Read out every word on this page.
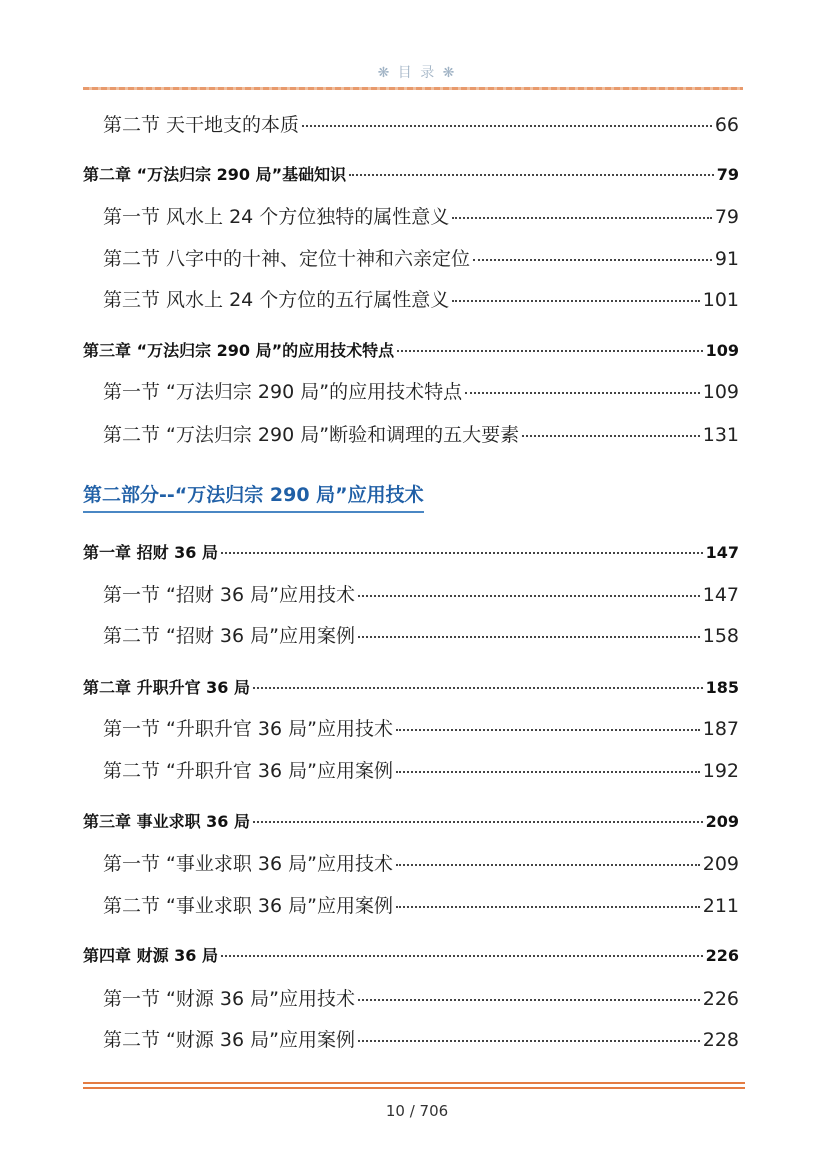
❋ 目 录 ❋
第二节 天干地支的本质	66
第二章 “万法归宗 290 局”基础知识	79
第一节 风水上 24 个方位独特的属性意义	79
第二节 八字中的十神、定位十神和六亲定位	91
第三节 风水上 24 个方位的五行属性意义	101
第三章 “万法归宗 290 局”的应用技术特点	109
第一节 “万法归宗 290 局”的应用技术特点	109
第二节 “万法归宗 290 局”断验和调理的五大要素	131
第二部分--“万法归宗 290 局”应用技术
第一章 招财 36 局	147
第一节 “招财 36 局”应用技术	147
第二节 “招财 36 局”应用案例	158
第二章 升职升官 36 局	185
第一节 “升职升官 36 局”应用技术	187
第二节 “升职升官 36 局”应用案例	192
第三章 事业求职 36 局	209
第一节 “事业求职 36 局”应用技术	209
第二节 “事业求职 36 局”应用案例	211
第四章 财源 36 局	226
第一节 “财源 36 局”应用技术	226
第二节 “财源 36 局”应用案例	228
10 / 706
